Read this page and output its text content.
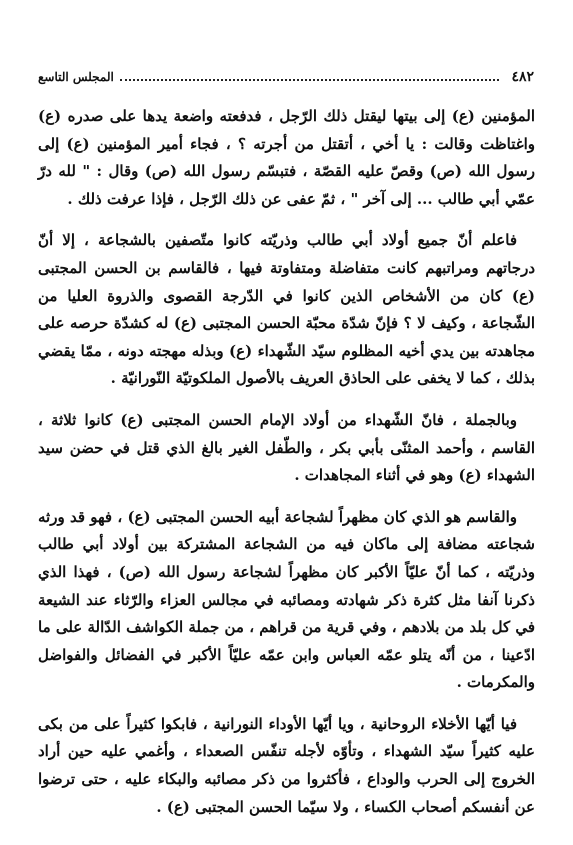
٤٨٢
المجلس التاسع

المؤمنين (ع) إلى بيتها ليقتل ذلك الرّجل ، فدفعته واضعة يدها على صدره (ع) واغتاظت وقالت : يا أخي ، أتقتل من أجرته ؟ ، فجاء أمير المؤمنين (ع) إلى رسول الله (ص) وقصّ عليه القصّة ، فتبسّم رسول الله (ص) وقال : " لله درّ عمّي أبي طالب ... إلى آخر " ، ثمّ عفى عن ذلك الرّجل ، فإذا عرفت ذلك .

فاعلم أنّ جميع أولاد أبي طالب وذريّته كانوا متّصفين بالشجاعة ، إلا أنّ درجاتهم ومراتبهم كانت متفاضلة ومتفاوتة فيها ، فالقاسم بن الحسن المجتبى (ع) كان من الأشخاص الذين كانوا في الدّرجة القصوى والذروة العليا من الشّجاعة ، وكيف لا ؟ فإنّ شدّة محبّة الحسن المجتبى (ع) له كشدّة حرصه على مجاهدته بين يدي أخيه المظلوم سيّد الشّهداء (ع) وبذله مهجته دونه ، ممّا يقضي بذلك ، كما لا يخفى على الحاذق العريف بالأصول الملكوتيّة النّورانيّة .

وبالجملة ، فانّ الشّهداء من أولاد الإمام الحسن المجتبى (ع) كانوا ثلاثة ، القاسم ، وأحمد المثنّى بأبي بكر ، والطّفل الغير بالغ الذي قتل في حضن سيد الشهداء (ع) وهو في أثناء المجاهدات .

والقاسم هو الذي كان مظهراً لشجاعة أبيه الحسن المجتبى (ع) ، فهو قد ورثه شجاعته مضافة إلى ماكان فيه من الشجاعة المشتركة بين أولاد أبي طالب وذريّته ، كما أنّ عليّاً الأكبر كان مظهراً لشجاعة رسول الله (ص) ، فهذا الذي ذكرنا آنفا مثل كثرة ذكر شهادته ومصائبه في مجالس العزاء والرّثاء عند الشيعة في كل بلد من بلادهم ، وفي قرية من قراهم ، من جملة الكواشف الدّالة على ما ادّعينا ، من أنّه يتلو عمّه العباس وابن عمّه عليّاً الأكبر في الفضائل والفواضل والمكرمات .

فيا أيّها الأخلاء الروحانية ، ويا أيّها الأوداء النورانية ، فابكوا كثيراً على من بكى عليه كثيراً سيّد الشهداء ، وتأوّه لأجله تنفّس الصعداء ، وأغمي عليه حين أراد الخروج إلى الحرب والوداع ، فأكثروا من ذكر مصائبه والبكاء عليه ، حتى ترضوا عن أنفسكم أصحاب الكساء ، ولا سيّما الحسن المجتبى (ع) .
